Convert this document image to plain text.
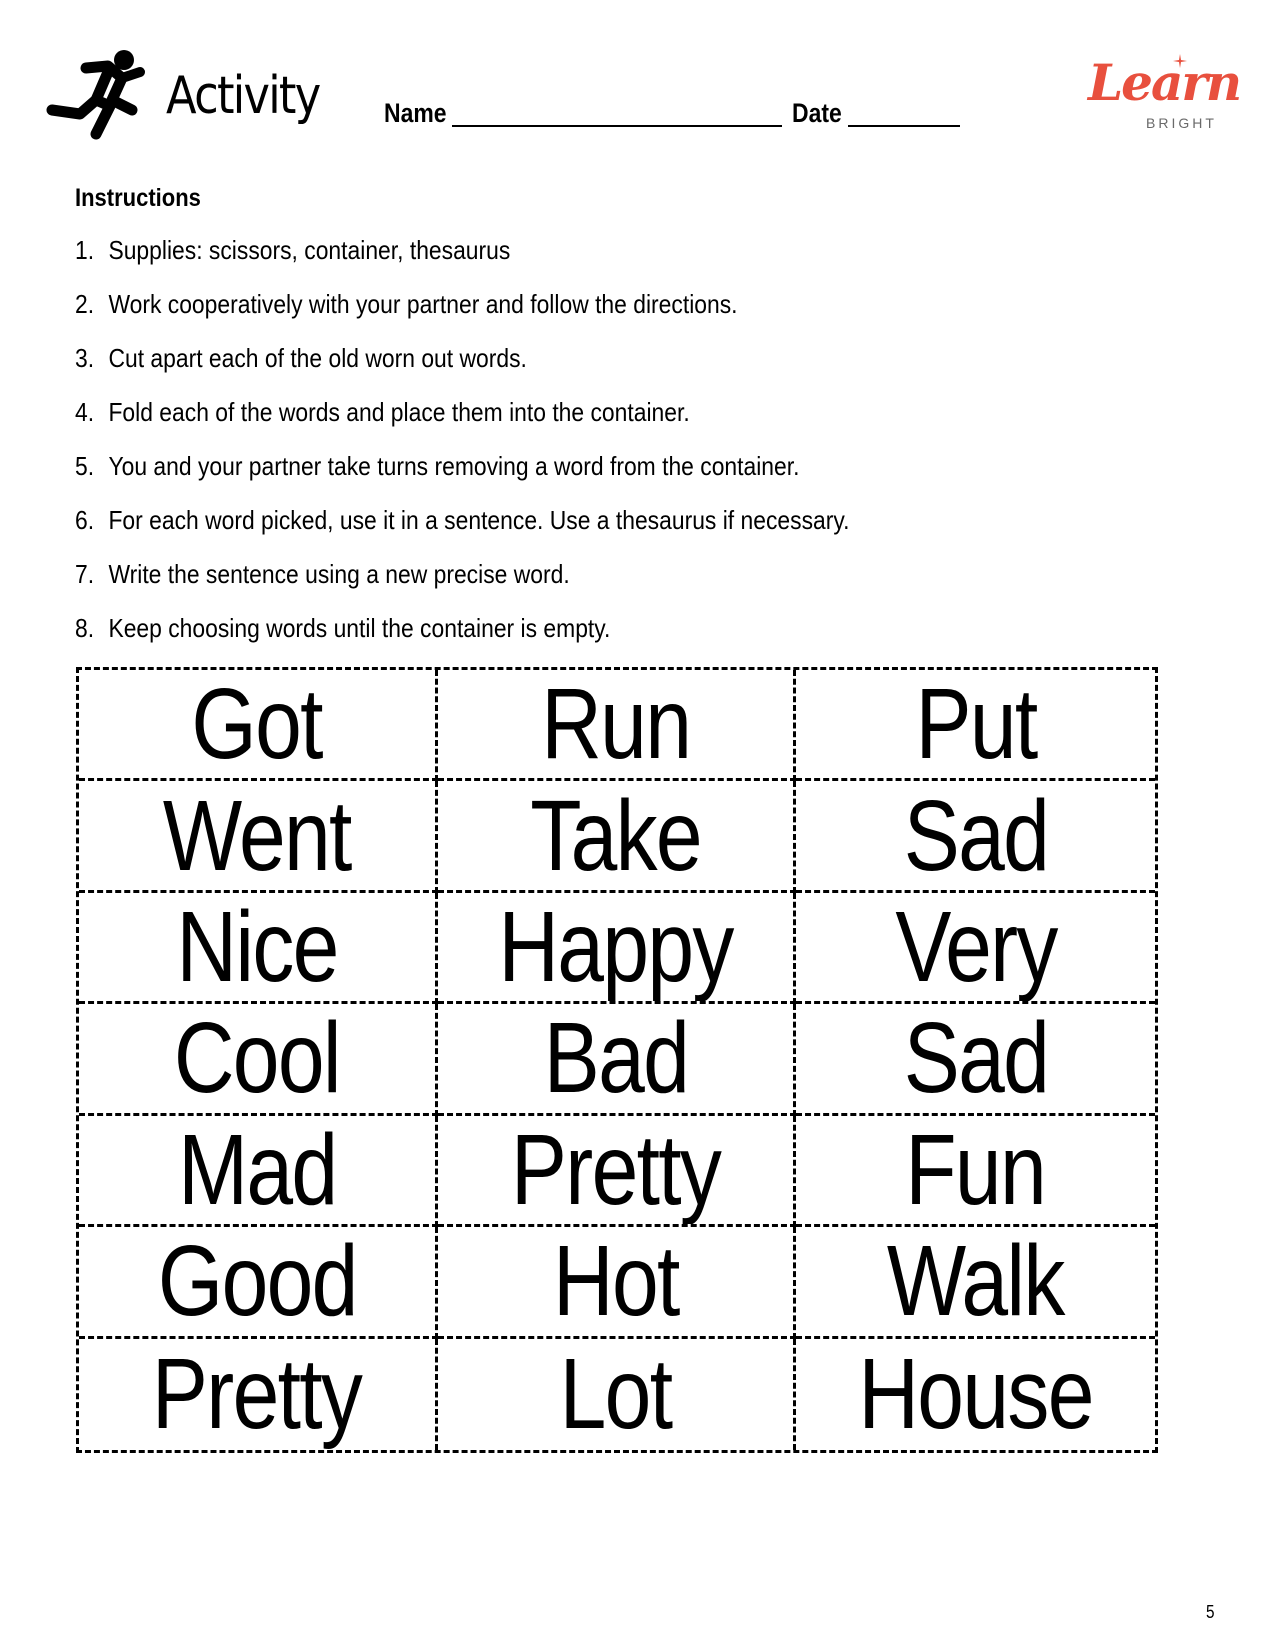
Activity Name	Date
Learn
BRIGHT
Instructions
1. Supplies: scissors, container, thesaurus
2. Work cooperatively with your partner and follow the directions.
3. Cut apart each of the old worn out words.
4. Fold each of the words and place them into the container.
5. You and your partner take turns removing a word from the container.
6. For each word picked, use it in a sentence. Use a thesaurus if necessary.
7. Write the sentence using a new precise word.
8. Keep choosing words until the container is empty.
Got Run Put
Went Take Sad
Nice Happy Very
Cool Bad Sad
Mad Pretty Fun
Good Hot Walk
Pretty Lot House
5
